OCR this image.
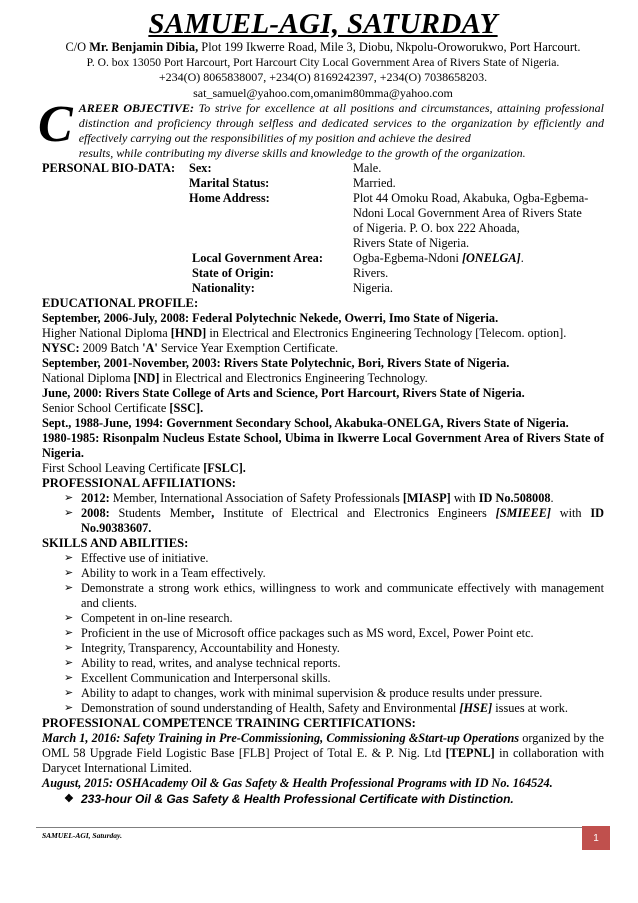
SAMUEL-AGI, SATURDAY
C/O Mr. Benjamin Dibia, Plot 199 Ikwerre Road, Mile 3, Diobu, Nkpolu-Oroworukwo, Port Harcourt.
P. O. box 13050 Port Harcourt, Port Harcourt City Local Government Area of Rivers State of Nigeria.
+234(O) 8065838007, +234(O) 8169242397, +234(O) 7038658203.
sat_samuel@yahoo.com,omanim80mma@yahoo.com
C AREER OBJECTIVE: To strive for excellence at all positions and circumstances, attaining professional distinction and proficiency through selfless and dedicated services to the organization by efficiently and effectively carrying out the responsibilities of my position and achieve the desired
results, while contributing my diverse skills and knowledge to the growth of the organization.
PERSONAL BIO-DATA:	Sex:	Male.
Marital Status:	Married.
Home Address:	Plot 44 Omoku Road, Akabuka, Ogba-Egbema-
Ndoni Local Government Area of Rivers State
of Nigeria. P. O. box 222 Ahoada,
Rivers State of Nigeria.
Local Government Area:	Ogba-Egbema-Ndoni [ONELGA].
State of Origin:	Rivers.
Nationality:	Nigeria.
EDUCATIONAL PROFILE:
September, 2006-July, 2008: Federal Polytechnic Nekede, Owerri, Imo State of Nigeria.
Higher National Diploma [HND] in Electrical and Electronics Engineering Technology [Telecom. option].
NYSC: 2009 Batch 'A' Service Year Exemption Certificate.
September, 2001-November, 2003: Rivers State Polytechnic, Bori, Rivers State of Nigeria.
National Diploma [ND] in Electrical and Electronics Engineering Technology.
June, 2000: Rivers State College of Arts and Science, Port Harcourt, Rivers State of Nigeria.
Senior School Certificate [SSC].
Sept., 1988-June, 1994: Government Secondary School, Akabuka-ONELGA, Rivers State of Nigeria.
1980-1985: Risonpalm Nucleus Estate School, Ubima in Ikwerre Local Government Area of Rivers State of Nigeria.
First School Leaving Certificate [FSLC].
PROFESSIONAL AFFILIATIONS:
➢ 2012: Member, International Association of Safety Professionals [MIASP] with ID No.508008.
➢ 2008: Students Member, Institute of Electrical and Electronics Engineers [SMIEEE] with ID No.90383607.
SKILLS AND ABILITIES:
➢ Effective use of initiative.
➢ Ability to work in a Team effectively.
➢ Demonstrate a strong work ethics, willingness to work and communicate effectively with management and clients.
➢ Competent in on-line research.
➢ Proficient in the use of Microsoft office packages such as MS word, Excel, Power Point etc.
➢ Integrity, Transparency, Accountability and Honesty.
➢ Ability to read, writes, and analyse technical reports.
➢ Excellent Communication and Interpersonal skills.
➢ Ability to adapt to changes, work with minimal supervision & produce results under pressure.
➢ Demonstration of sound understanding of Health, Safety and Environmental [HSE] issues at work.
PROFESSIONAL COMPETENCE TRAINING CERTIFICATIONS:
March 1, 2016: Safety Training in Pre-Commissioning, Commissioning &Start-up Operations organized by the OML 58 Upgrade Field Logistic Base [FLB] Project of Total E. & P. Nig. Ltd [TEPNL] in collaboration with Darycet International Limited.
August, 2015: OSHAcademy Oil & Gas Safety & Health Professional Programs with ID No. 164524.
❖ 233-hour Oil & Gas Safety & Health Professional Certificate with Distinction.
SAMUEL-AGI, Saturday.	1
